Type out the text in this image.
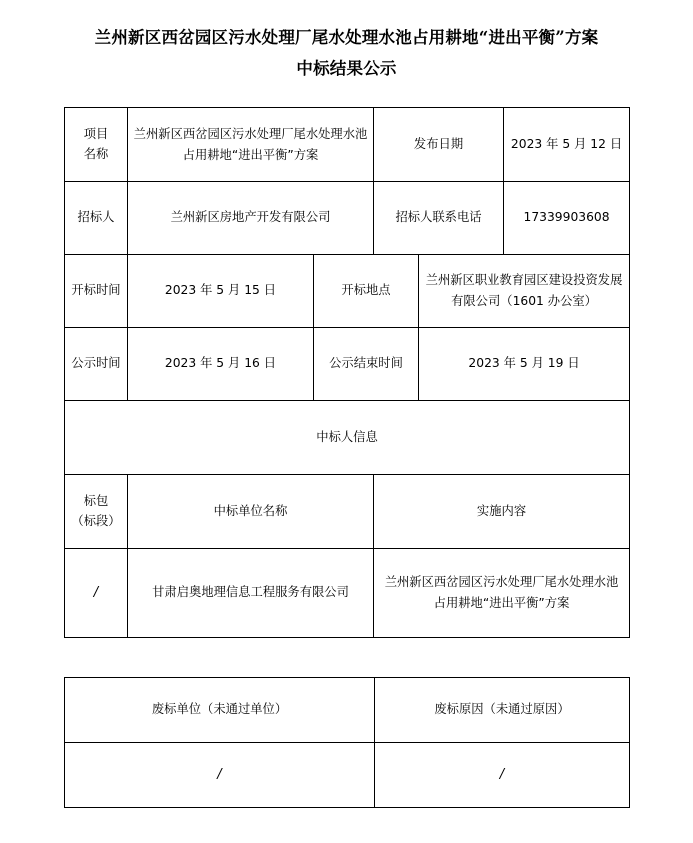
兰州新区西岔园区污水处理厂尾水处理水池占用耕地“进出平衡”方案
中标结果公示
项目
名称	兰州新区西岔园区污水处理厂尾水处理水池占用耕地“进出平衡”方案		发布日期		2023 年 5 月 12 日
招标人	兰州新区房地产开发有限公司		招标人联系电话		17339903608
开标时间	2023 年 5 月 15 日	开标地点		兰州新区职业教育园区建设投资发展有限公司（1601 办公室）	
公示时间	2023 年 5 月 16 日	公示结束时间		2023 年 5 月 19 日	
中标人信息					
标包
（标段）	中标单位名称		实施内容		
/	甘肃启奥地理信息工程服务有限公司		兰州新区西岔园区污水处理厂尾水处理水池占用耕地“进出平衡”方案		
废标单位（未通过单位）	废标原因（未通过原因）
/	/
